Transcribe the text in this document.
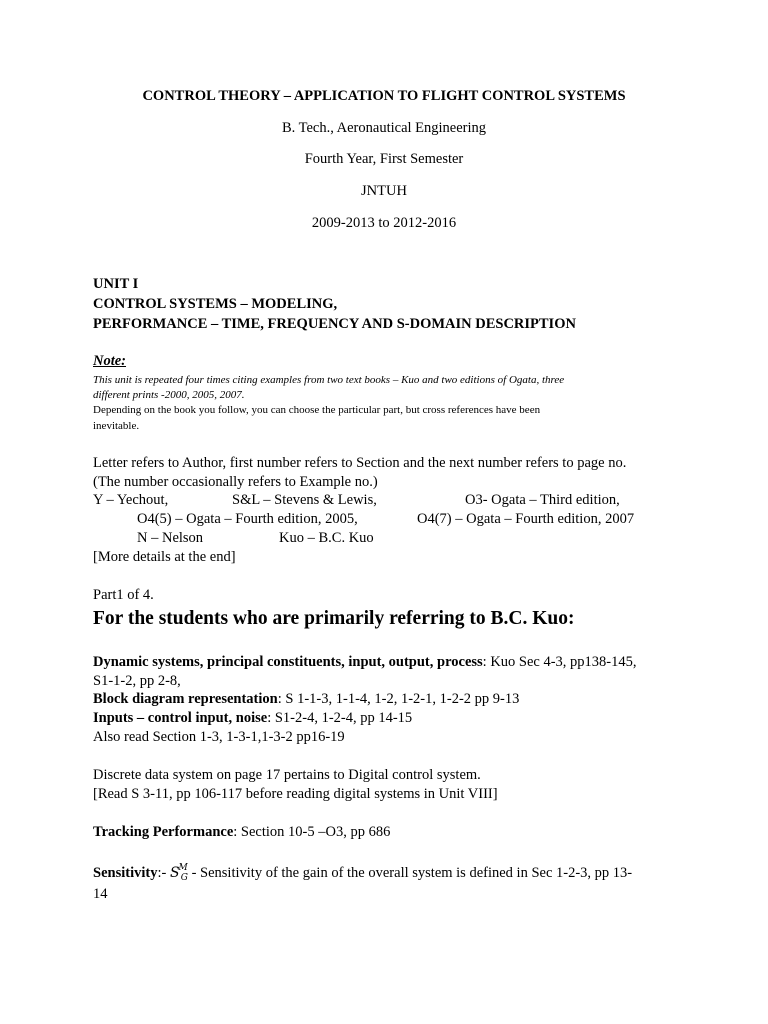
CONTROL THEORY – APPLICATION TO FLIGHT CONTROL SYSTEMS
B. Tech., Aeronautical Engineering
Fourth Year, First Semester
JNTUH
2009-2013 to 2012-2016
UNIT I
CONTROL SYSTEMS – MODELING,
PERFORMANCE – TIME, FREQUENCY AND S-DOMAIN DESCRIPTION
Note:
This unit is repeated four times citing examples from two text books – Kuo and two editions of Ogata, three
different prints -2000, 2005, 2007.
Depending on the book you follow, you can choose the particular part, but cross references have been
inevitable.
Letter refers to Author, first number refers to Section and the next number refers to page no.
(The number occasionally refers to Example no.)
Y – Yechout,	S&L – Stevens & Lewis,	O3- Ogata – Third edition,
O4(5) – Ogata – Fourth edition, 2005,	O4(7) – Ogata – Fourth edition, 2007
N – Nelson	Kuo – B.C. Kuo
[More details at the end]
Part1 of 4.
For the students who are primarily referring to B.C. Kuo:
Dynamic systems, principal constituents, input, output, process: Kuo Sec 4-3, pp138-145,
S1-1-2, pp 2-8,
Block diagram representation: S 1-1-3, 1-1-4, 1-2, 1-2-1, 1-2-2 pp 9-13
Inputs – control input, noise: S1-2-4, 1-2-4, pp 14-15
Also read Section 1-3, 1-3-1,1-3-2 pp16-19
Discrete data system on page 17 pertains to Digital control system.
[Read S 3-11, pp 106-117 before reading digital systems in Unit VIII]
Tracking Performance: Section 10-5 –O3, pp 686
Sensitivity:- $S^M_G$ - Sensitivity of the gain of the overall system is defined in Sec 1-2-3, pp 13-
14
